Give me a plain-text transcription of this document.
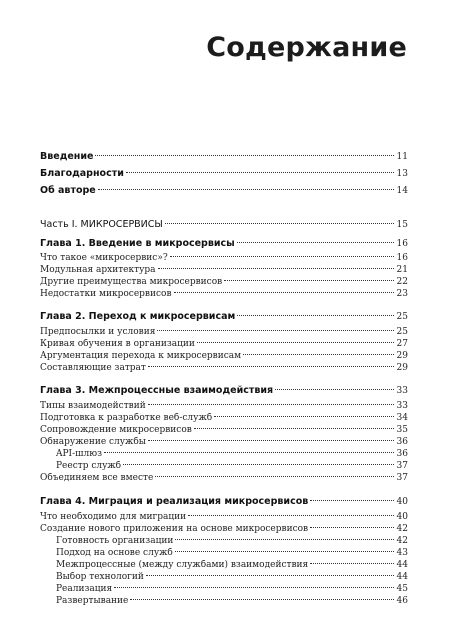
Содержание
Введение	11
Благодарности	13
Об авторе	14
Часть I. МИКРОСЕРВИСЫ	15
Глава 1. Введение в микросервисы	16
Что такое «микросервис»?	16
Модульная архитектура	21
Другие преимущества микросервисов	22
Недостатки микросервисов	23
Глава 2. Переход к микросервисам	25
Предпосылки и условия	25
Кривая обучения в организации	27
Аргументация перехода к микросервисам	29
Составляющие затрат	29
Глава 3. Межпроцессные взаимодействия	33
Типы взаимодействий	33
Подготовка к разработке веб-служб	34
Сопровождение микросервисов	35
Обнаружение службы	36
API-шлюз	36
Реестр служб	37
Объединяем все вместе	37
Глава 4. Миграция и реализация микросервисов	40
Что необходимо для миграции	40
Создание нового приложения на основе микросервисов	42
Готовность организации	42
Подход на основе служб	43
Межпроцессные (между службами) взаимодействия	44
Выбор технологий	44
Реализация	45
Развертывание	46
